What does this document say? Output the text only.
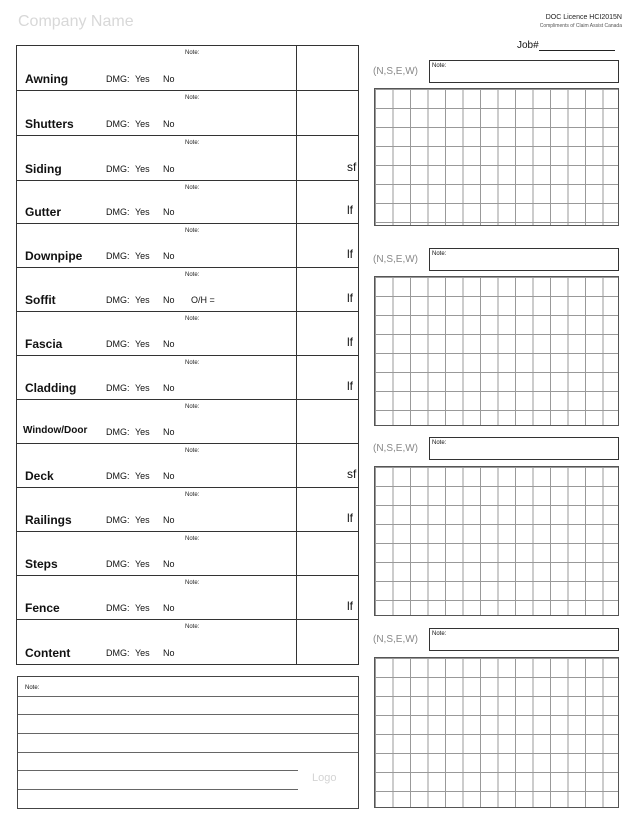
Company Name	DOC Licence HCI2015N
Compliments of Claim Assist Canada
Job#
Note:
Awning	DMG: Yes No
Note:
Shutters	DMG: Yes No
Note:
Siding	DMG: Yes No	sf
Note:
Gutter	DMG: Yes No	lf
Note:
Downpipe	DMG: Yes No	lf
Note:
Soffit	DMG: Yes No O/H =	lf
Note:
Fascia	DMG: Yes No	lf
Note:
Cladding	DMG: Yes No	lf
Note:
Window/Door DMG: Yes No
Note:
Deck	DMG: Yes No	sf
Note:
Railings	DMG: Yes No	lf
Note:
Steps	DMG: Yes No
Note:
Fence	DMG: Yes No	lf
Note:
Content	DMG: Yes No
Note:
Logo
(N,S,E,W) Note:
(N,S,E,W) Note:
(N,S,E,W) Note:
(N,S,E,W) Note:
